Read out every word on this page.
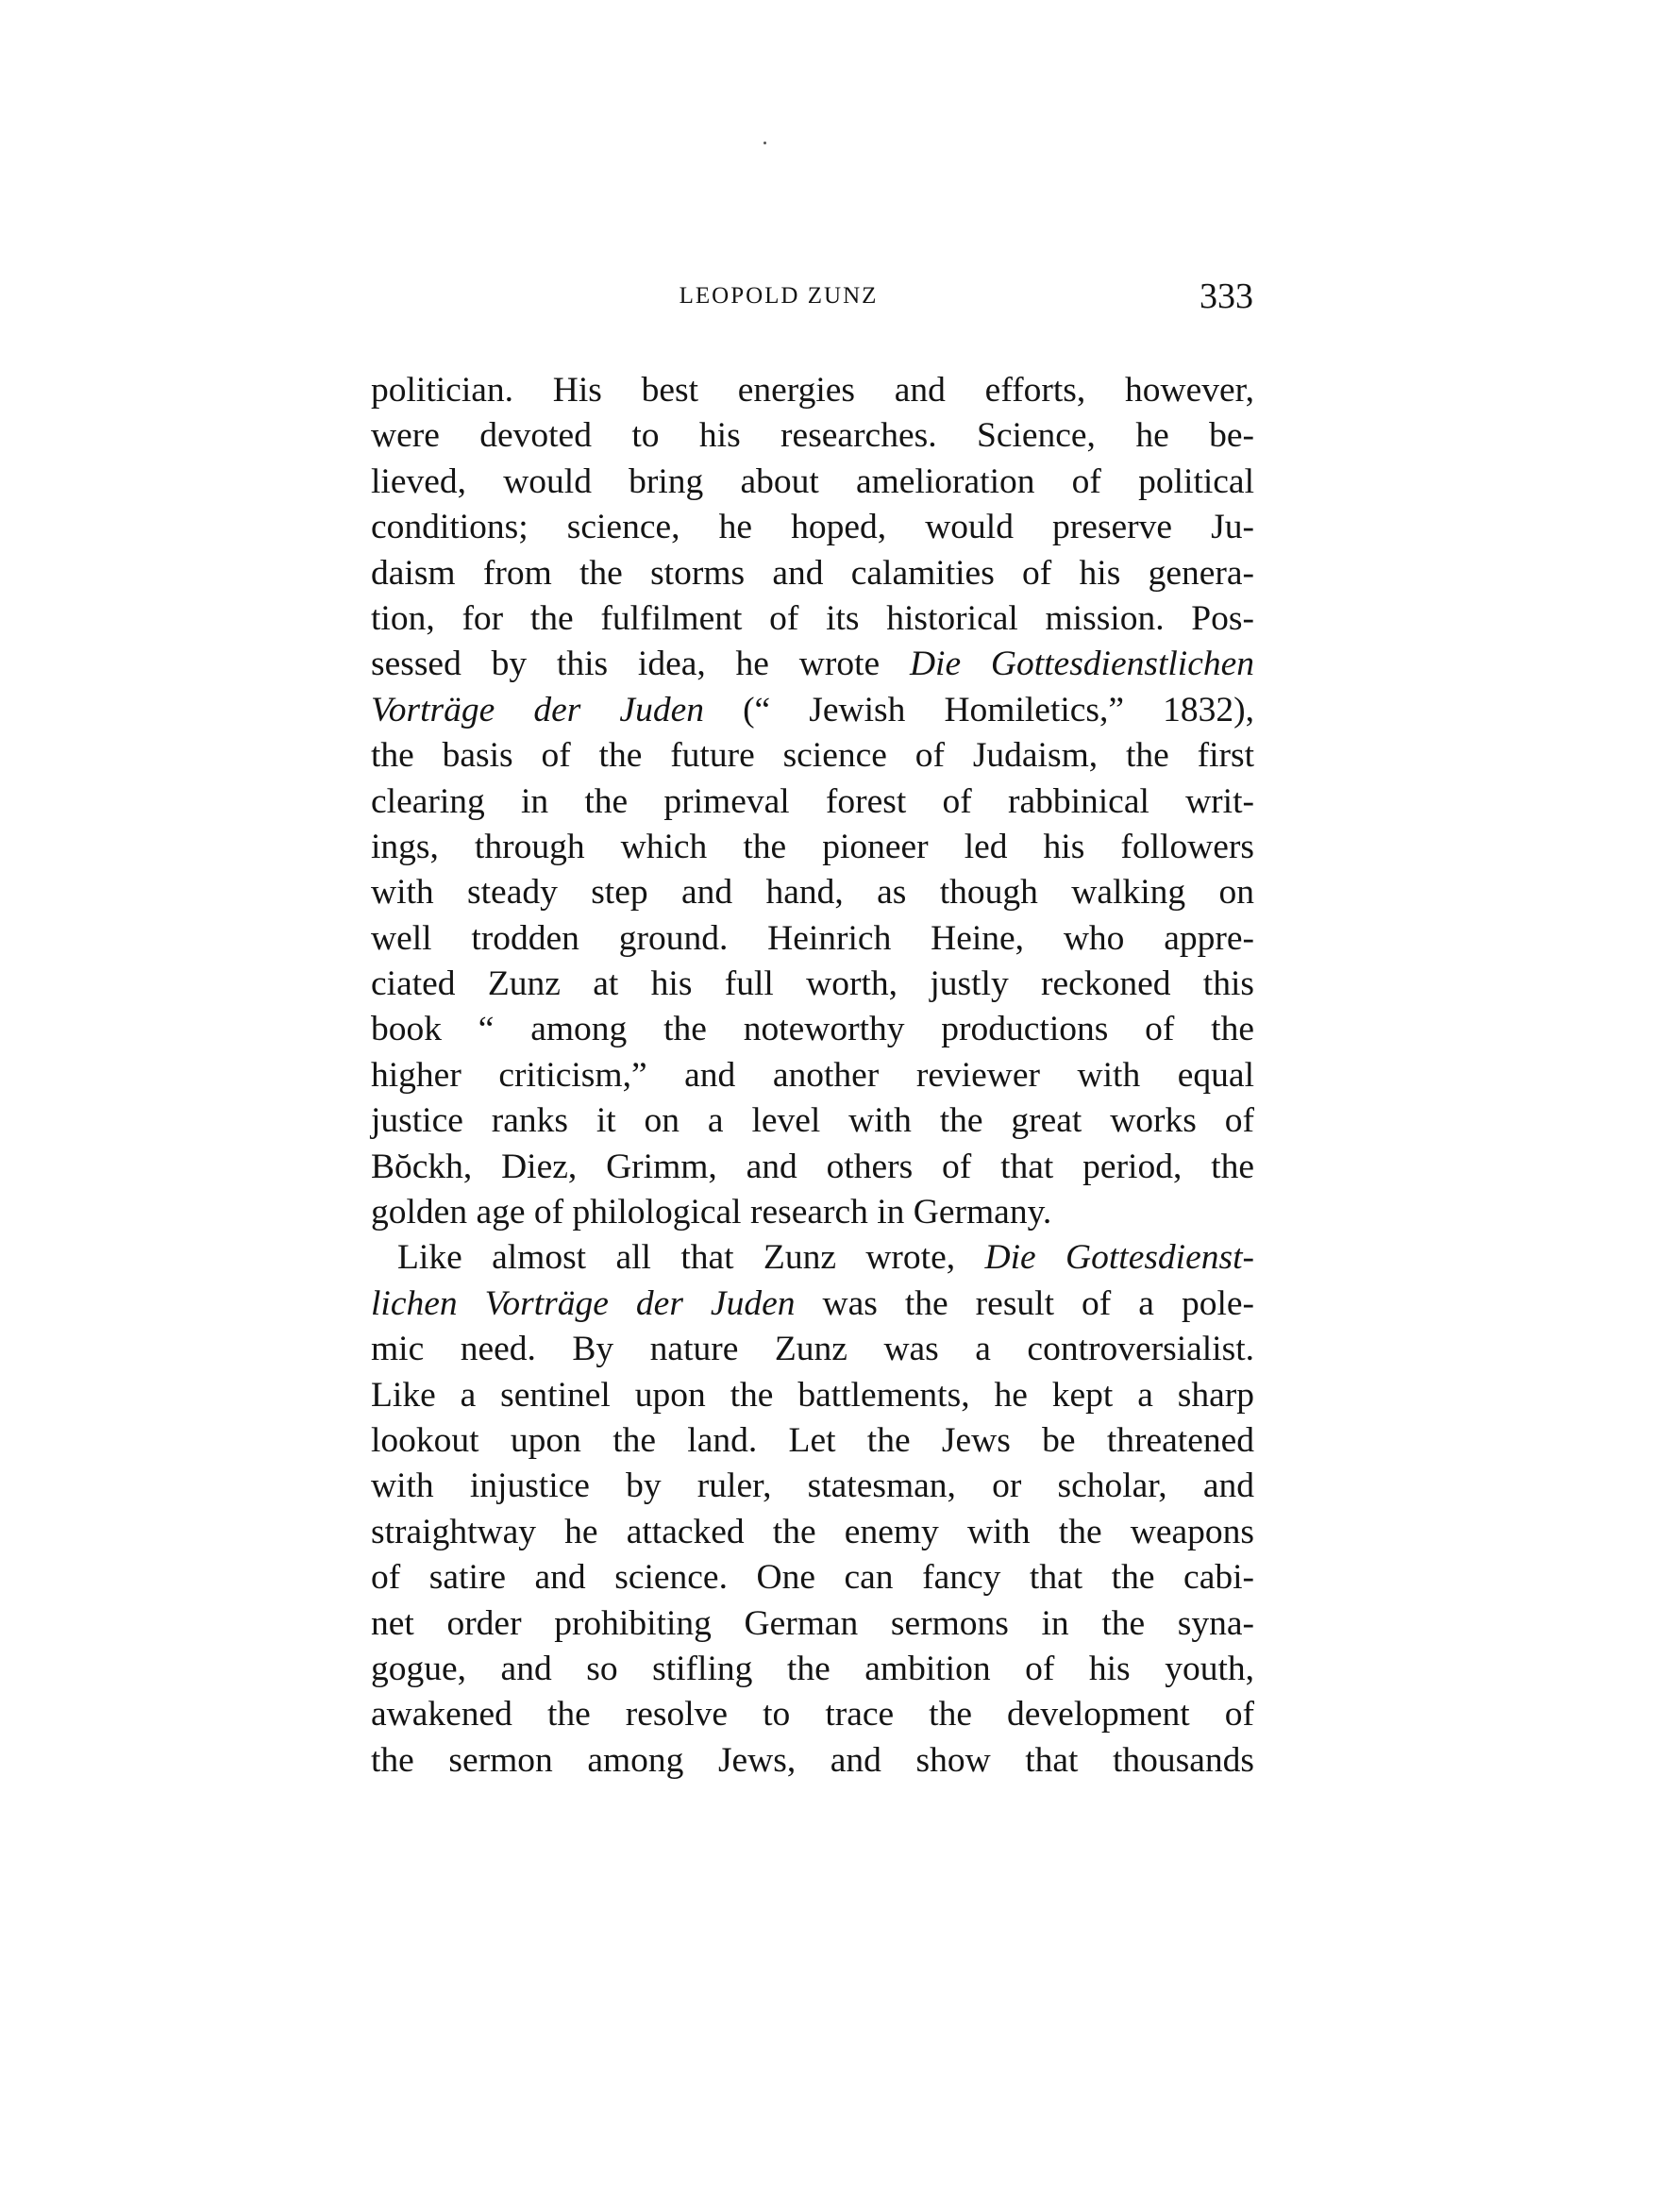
LEOPOLD ZUNZ	333
politician. His best energies and efforts, however,
were devoted to his researches. Science, he be-
lieved, would bring about amelioration of political
conditions; science, he hoped, would preserve Ju-
daism from the storms and calamities of his genera-
tion, for the fulfilment of its historical mission. Pos-
sessed by this idea, he wrote Die Gottesdienstlichen
Vorträge der Juden (“ Jewish Homiletics,” 1832),
the basis of the future science of Judaism, the first
clearing in the primeval forest of rabbinical writ-
ings, through which the pioneer led his followers
with steady step and hand, as though walking on
well trodden ground. Heinrich Heine, who appre-
ciated Zunz at his full worth, justly reckoned this
book “ among the noteworthy productions of the
higher criticism,” and another reviewer with equal
justice ranks it on a level with the great works of
Bŏckh, Diez, Grimm, and others of that period, the
golden age of philological research in Germany.
Like almost all that Zunz wrote, Die Gottesdienst-
lichen Vorträge der Juden was the result of a pole-
mic need. By nature Zunz was a controversialist.
Like a sentinel upon the battlements, he kept a sharp
lookout upon the land. Let the Jews be threatened
with injustice by ruler, statesman, or scholar, and
straightway he attacked the enemy with the weapons
of satire and science. One can fancy that the cabi-
net order prohibiting German sermons in the syna-
gogue, and so stifling the ambition of his youth,
awakened the resolve to trace the development of
the sermon among Jews, and show that thousands
